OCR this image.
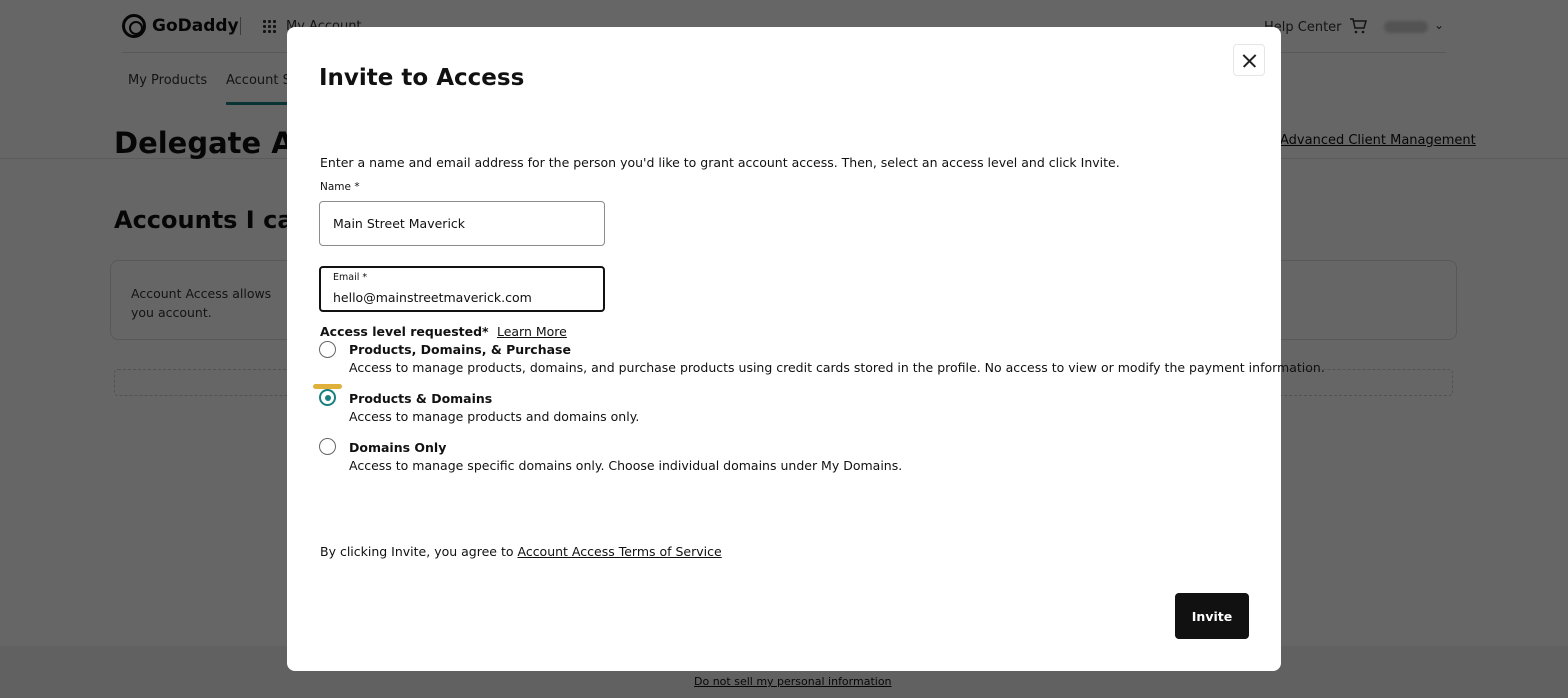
Invite to Access

Enter a name and email address for the person you'd like to grant account access. Then, select an access level and click Invite.

Name *
Main Street Maverick
Email *
hello@mainstreetmaverick.com
Access level requested* Learn More
Products, Domains, & Purchase
Access to manage products, domains, and purchase products using credit cards stored in the profile. No access to view or modify the payment information.
Products & Domains
Access to manage products and domains only.
Domains Only
Access to manage specific domains only. Choose individual domains under My Domains.

By clicking Invite, you agree to Account Access Terms of Service

Invite
